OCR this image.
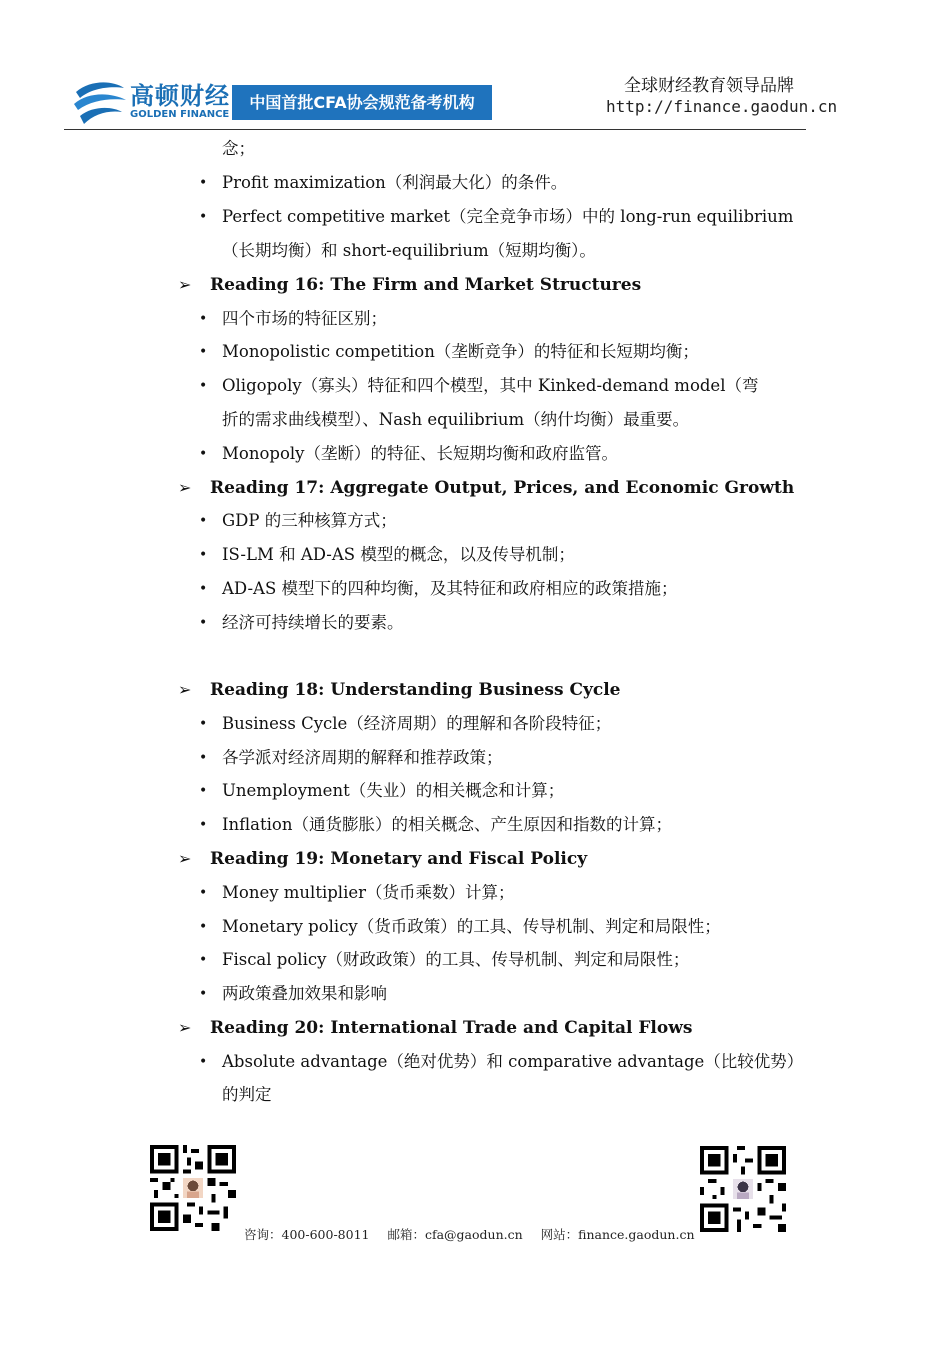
高顿财经
GOLDEN FINANCE
中国首批CFA协会规范备考机构
全球财经教育领导品牌
http://finance.gaodun.cn
念；
• Profit maximization（利润最大化）的条件。
• Perfect competitive market（完全竞争市场）中的 long-run equilibrium
（长期均衡）和 short-equilibrium（短期均衡）。
➢ Reading 16: The Firm and Market Structures
• 四个市场的特征区别；
• Monopolistic competition（垄断竞争）的特征和长短期均衡；
• Oligopoly（寡头）特征和四个模型，其中 Kinked-demand model（弯
折的需求曲线模型）、Nash equilibrium（纳什均衡）最重要。
• Monopoly（垄断）的特征、长短期均衡和政府监管。
➢ Reading 17: Aggregate Output, Prices, and Economic Growth
• GDP 的三种核算方式；
• IS-LM 和 AD-AS 模型的概念，以及传导机制；
• AD-AS 模型下的四种均衡，及其特征和政府相应的政策措施；
• 经济可持续增长的要素。
➢ Reading 18: Understanding Business Cycle
• Business Cycle（经济周期）的理解和各阶段特征；
• 各学派对经济周期的解释和推荐政策；
• Unemployment（失业）的相关概念和计算；
• Inflation（通货膨胀）的相关概念、产生原因和指数的计算；
➢ Reading 19: Monetary and Fiscal Policy
• Money multiplier（货币乘数）计算；
• Monetary policy（货币政策）的工具、传导机制、判定和局限性；
• Fiscal policy（财政政策）的工具、传导机制、判定和局限性；
• 两政策叠加效果和影响
➢ Reading 20: International Trade and Capital Flows
• Absolute advantage（绝对优势）和 comparative advantage（比较优势）
的判定
咨询：400-600-8011 邮箱：cfa@gaodun.cn 网站：finance.gaodun.cn
